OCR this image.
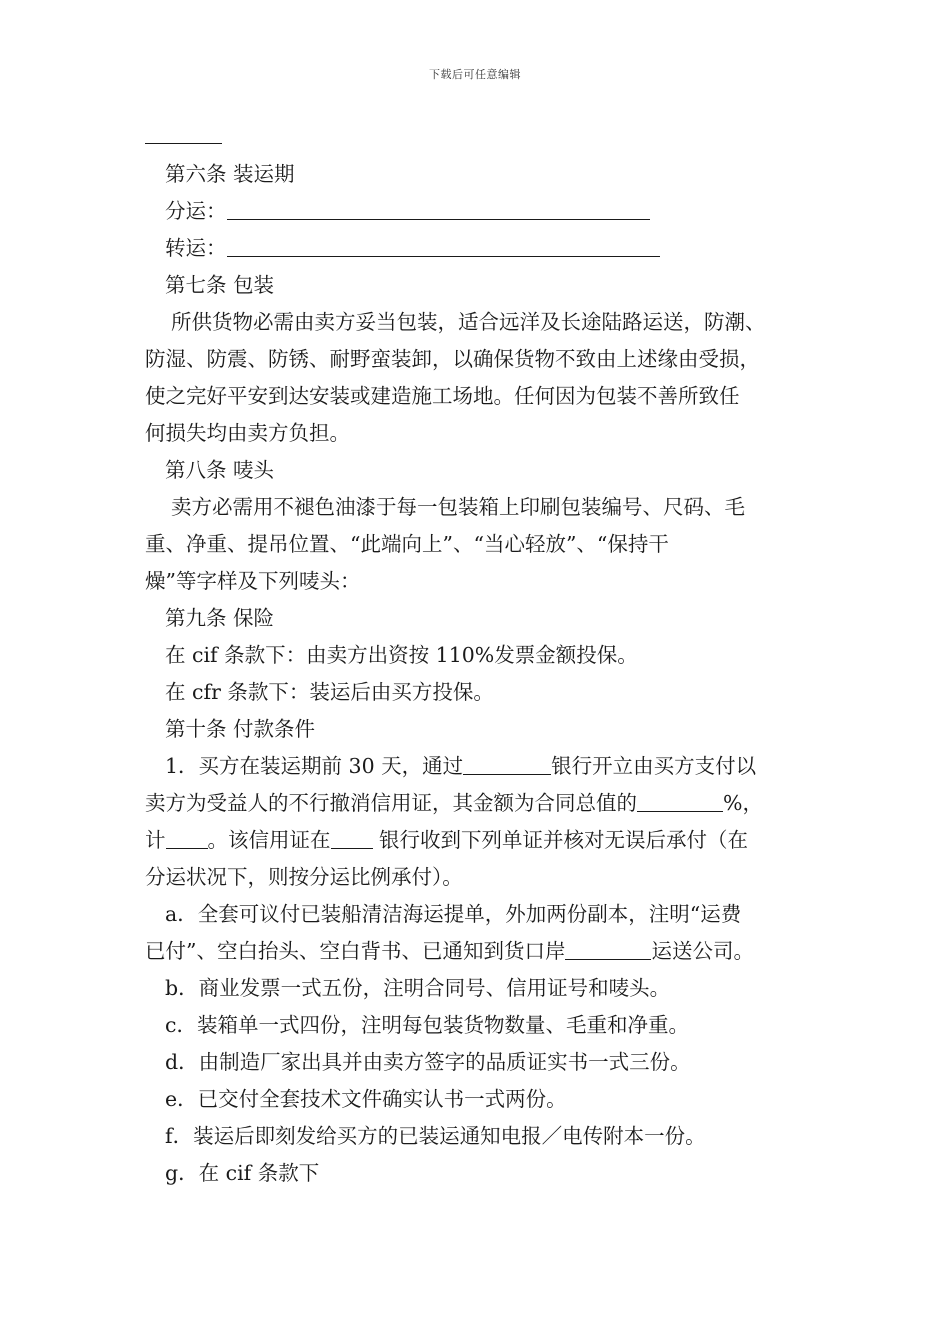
下载后可任意编辑
第六条 装运期
分运：
转运：
第七条 包装
所供货物必需由卖方妥当包装，适合远洋及长途陆路运送，防潮、
防湿、防震、防锈、耐野蛮装卸，以确保货物不致由上述缘由受损，
使之完好平安到达安装或建造施工场地。任何因为包装不善所致任
何损失均由卖方负担。
第八条 唛头
卖方必需用不褪色油漆于每一包装箱上印刷包装编号、尺码、毛
重、净重、提吊位置、“此端向上”、“当心轻放”、“保持干
燥”等字样及下列唛头：
第九条 保险
在 cif 条款下：由卖方出资按 110%发票金额投保。
在 cfr 条款下：装运后由买方投保。
第十条 付款条件
1．买方在装运期前 30 天，通过	银行开立由买方支付以
卖方为受益人的不行撤消信用证，其金额为合同总值的	%，
计 。该信用证在 银行收到下列单证并核对无误后承付（在
分运状况下，则按分运比例承付）。
a．全套可议付已装船清洁海运提单，外加两份副本，注明“运费
已付”、空白抬头、空白背书、已通知到货口岸	运送公司。
b．商业发票一式五份，注明合同号、信用证号和唛头。
c．装箱单一式四份，注明每包装货物数量、毛重和净重。
d．由制造厂家出具并由卖方签字的品质证实书一式三份。
e．已交付全套技术文件确实认书一式两份。
f．装运后即刻发给买方的已装运通知电报／电传附本一份。
g．在 cif 条款下
